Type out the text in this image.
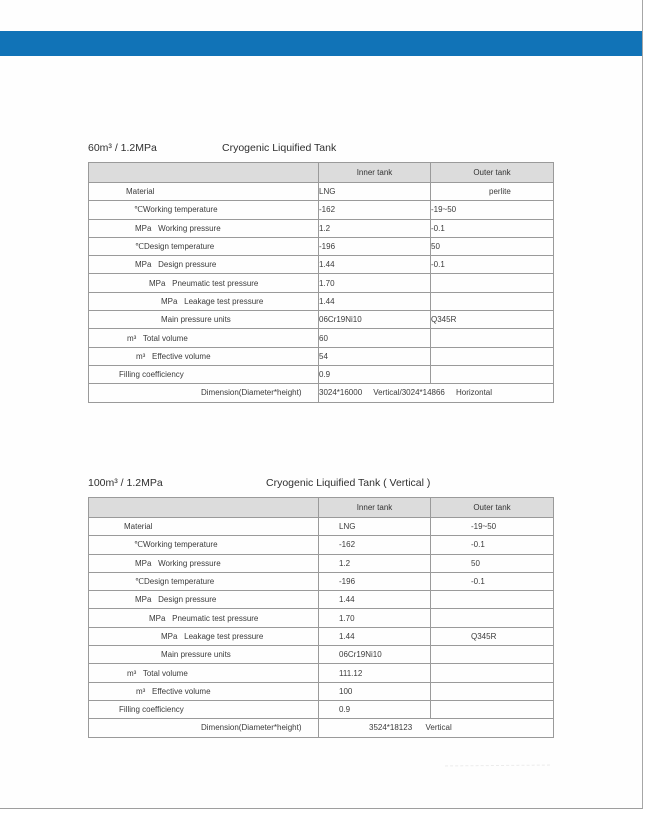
60m³ / 1.2MPa	Cryogenic Liquified Tank
	Inner tank	Outer tank
Material	LNG	perlite
℃Working temperature	-162	-19~50
MPa   Working pressure	1.2	-0.1
℃Design temperature	-196	50
MPa   Design pressure	1.44	-0.1
MPa   Pneumatic test pressure	1.70	
MPa   Leakage test pressure	1.44	
Main pressure units	06Cr19Ni10	Q345R
m³   Total volume	60	
m³   Effective volume	54	
Filling coefficiency	0.9	
Dimension(Diameter*height)	3024*16000     Vertical/3024*14866     Horizontal	
100m³ / 1.2MPa	Cryogenic Liquified Tank ( Vertical )
	Inner tank	Outer tank
Material	LNG	-19~50
℃Working temperature	-162	-0.1
MPa   Working pressure	1.2	50
℃Design temperature	-196	-0.1
MPa   Design pressure	1.44	
MPa   Pneumatic test pressure	1.70	
MPa   Leakage test pressure	1.44	Q345R
Main pressure units	06Cr19Ni10	
m³   Total volume	111.12	
m³   Effective volume	100	
Filling coefficiency	0.9	
Dimension(Diameter*height)	3524*18123      Vertical	
